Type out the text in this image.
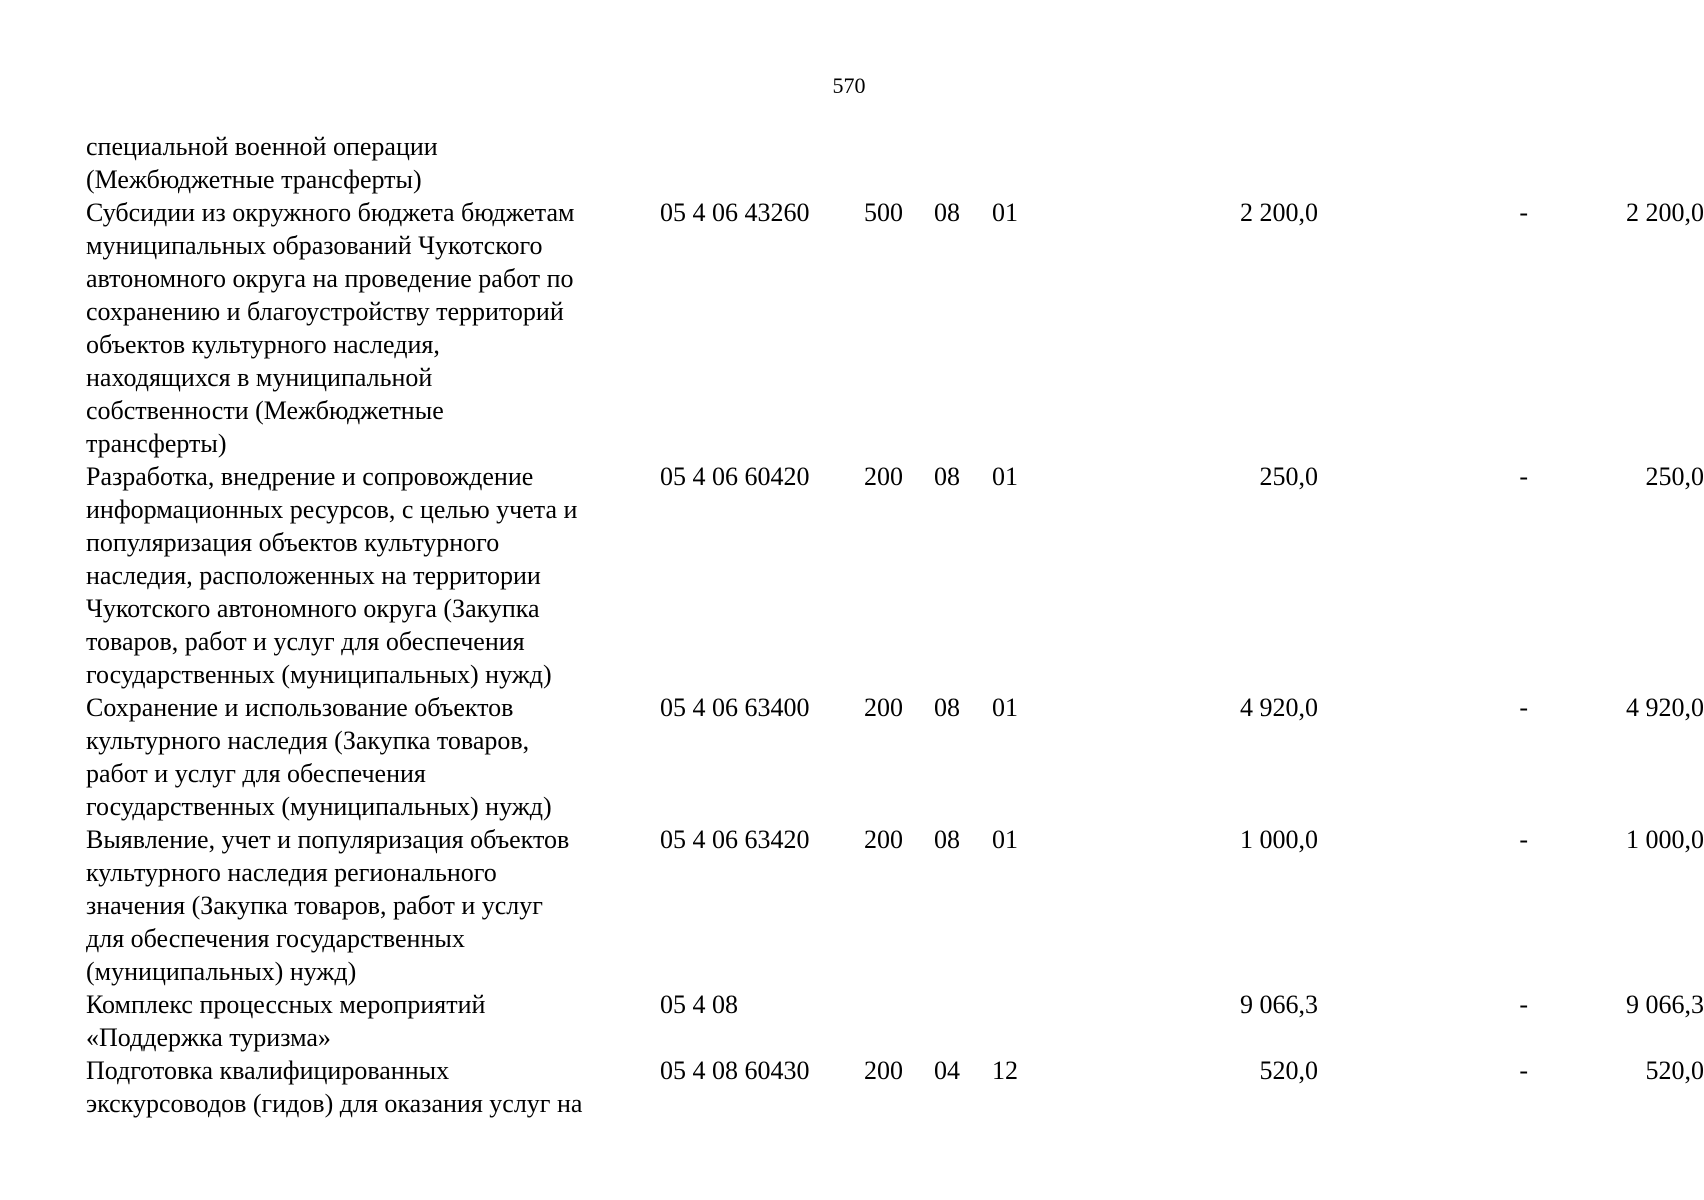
570
специальной военной операции
(Межбюджетные трансферты)
Субсидии из окружного бюджета бюджетам
муниципальных образований Чукотского
автономного округа на проведение работ по
сохранению и благоустройству территорий
объектов культурного наследия,
находящихся в муниципальной
собственности (Межбюджетные
трансферты)
05 4 06 43260 500 08 01	2 200,0	-	2 200,0
Разработка, внедрение и сопровождение
информационных ресурсов, с целью учета и
популяризация объектов культурного
наследия, расположенных на территории
Чукотского автономного округа (Закупка
товаров, работ и услуг для обеспечения
государственных (муниципальных) нужд)
05 4 06 60420 200 08 01	250,0	-	250,0
Сохранение и использование объектов
культурного наследия (Закупка товаров,
работ и услуг для обеспечения
государственных (муниципальных) нужд)
05 4 06 63400 200 08 01	4 920,0	-	4 920,0
Выявление, учет и популяризация объектов
культурного наследия регионального
значения (Закупка товаров, работ и услуг
для обеспечения государственных
(муниципальных) нужд)
05 4 06 63420 200 08 01	1 000,0	-	1 000,0
Комплекс процессных мероприятий
«Поддержка туризма»
05 4 08	9 066,3	-	9 066,3
Подготовка квалифицированных
экскурсоводов (гидов) для оказания услуг на
05 4 08 60430 200 04 12	520,0	-	520,0
